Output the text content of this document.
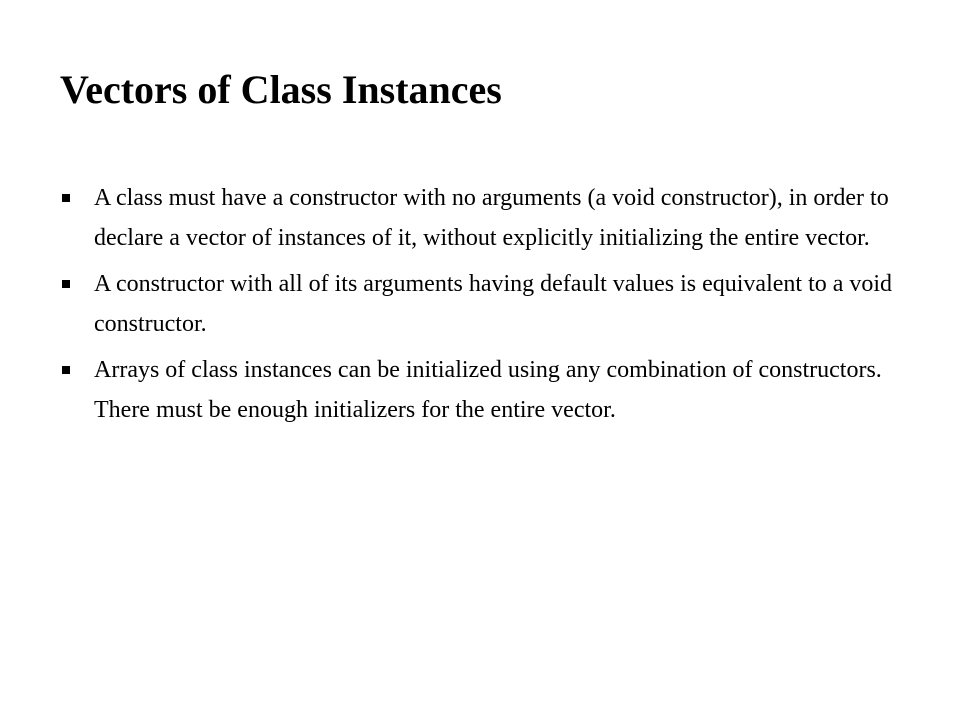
Vectors of Class Instances
A class must have a constructor with no arguments (a void constructor), in order to declare a vector of instances of it, without explicitly initializing the entire vector.
A constructor with all of its arguments having default values is equivalent to a void constructor.
Arrays of class instances can be initialized using any combination of constructors. There must be enough initializers for the entire vector.
